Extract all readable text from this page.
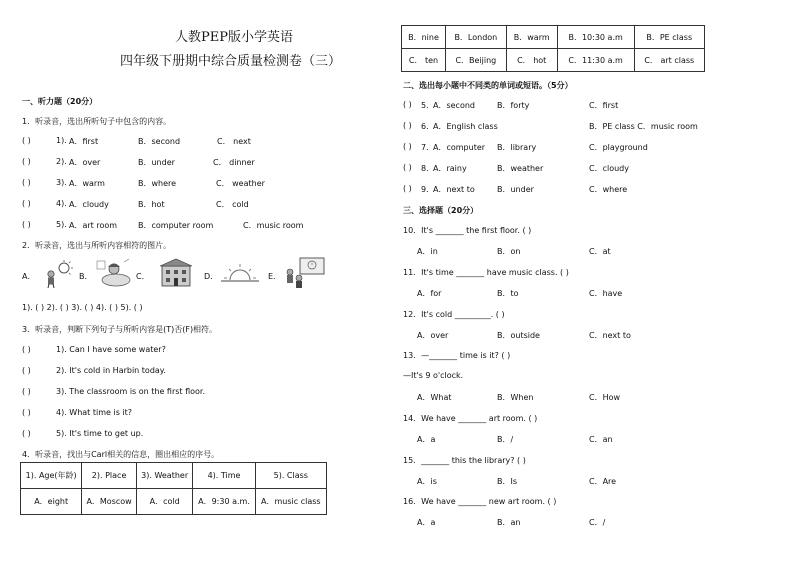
人教PEP版小学英语
四年级下册期中综合质量检测卷（三）
一、听力题（20分）
1．听录音，选出所听句子中包含的内容。
( )	1). A．first	B．second	C． next
( )	2). A．over	B．under	C． dinner
( )	3). A．warm	B．where	C． weather
( )	4). A．cloudy	B．hot	C． cold
( )	5). A．art room	B．computer room	C．music room
2．听录音，选出与所听内容相符的图片。
A．	B．	C．	D．	E．
1). ( ) 2). ( ) 3). ( ) 4). ( ) 5). ( )
3．听录音，判断下列句子与所听内容是(T)否(F)相符。
( )	1). Can I have some water?
( )	2). It's cold in Harbin today.
( )	3). The classroom is on the first floor.
( )	4). What time is it?
( )	5). It's time to get up.
4．听录音，找出与Carl相关的信息，圈出相应的序号。
1). Age(年龄)	2). Place	3). Weather	4). Time	5). Class
A．eight	A．Moscow	A．cold	A．9:30 a.m.	A．music class
B．nine	B．London	B．warm	B．10:30 a.m	B．PE class
C． ten	C．Beijing	C． hot	C．11:30 a.m	C． art class
二、选出每小题中不同类的单词或短语。（5分）
( ) 5．
A．second	B．forty	C．first
( ) 6．
A．English class	B．PE class C．music room
( ) 7．
A．computer B．library	C．playground
( ) 8．
A．rainy	B．weather	C．cloudy
( ) 9．
A．next to	B．under	C．where
三、选择题（20分）
10．It's _______ the first floor. ( )
A．in	B．on	C．at
11．It's time _______ have music class. ( )
A．for	B．to	C．have
12．It's cold _________. ( )
A．over	B．outside	C．next to
13．—_______ time is it? ( )
—It's 9 o'clock.
A．What	B．When	C．How
14．We have _______ art room. ( )
A．a	B．/	C．an
15．_______ this the library? ( )
A．is	B．Is	C．Are
16．We have _______ new art room. ( )
A．a	B．an	C．/
